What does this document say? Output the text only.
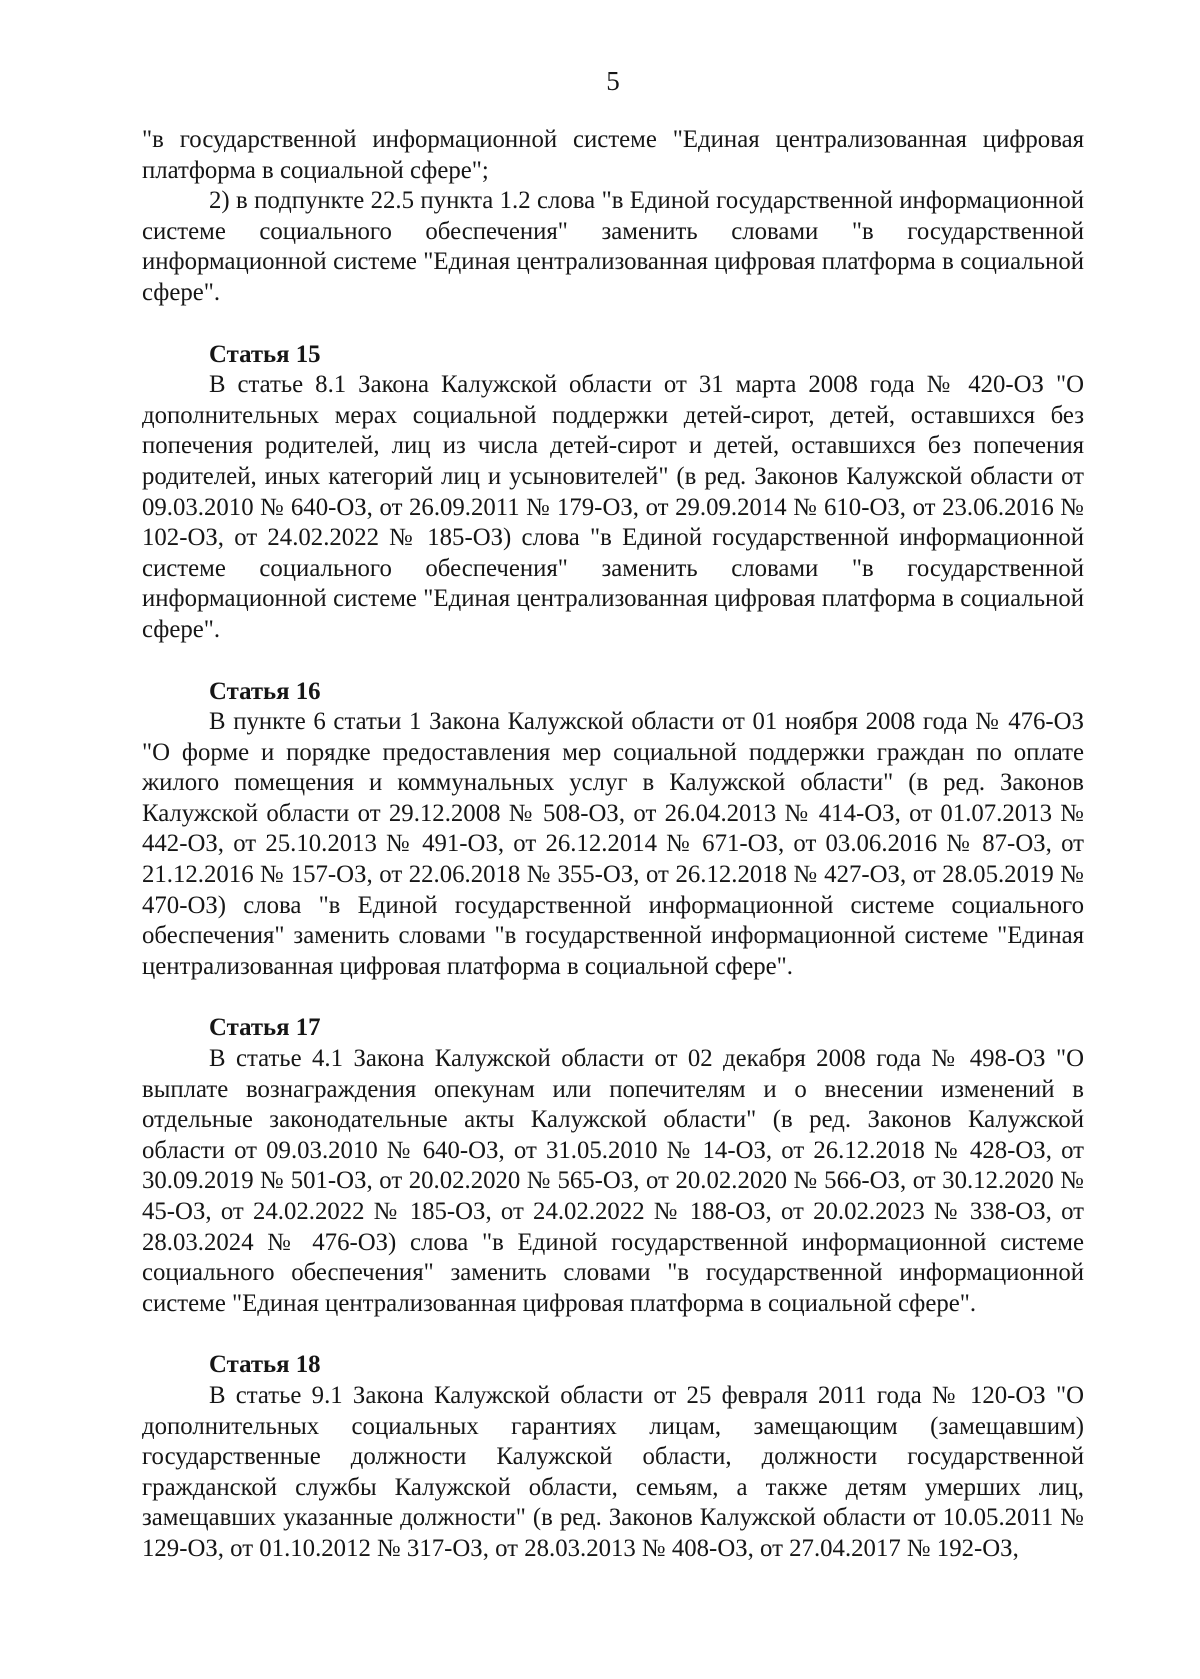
5

"в государственной информационной системе "Единая централизованная цифровая платформа в социальной сфере";

2) в подпункте 22.5 пункта 1.2 слова "в Единой государственной информационной системе социального обеспечения" заменить словами "в государственной информационной системе "Единая централизованная цифровая платформа в социальной сфере".

Статья 15

В статье 8.1 Закона Калужской области от 31 марта 2008 года № 420-ОЗ "О дополнительных мерах социальной поддержки детей-сирот, детей, оставшихся без попечения родителей, лиц из числа детей-сирот и детей, оставшихся без попечения родителей, иных категорий лиц и усыновителей" (в ред. Законов Калужской области от 09.03.2010 № 640-ОЗ, от 26.09.2011 № 179-ОЗ, от 29.09.2014 № 610-ОЗ, от 23.06.2016 № 102-ОЗ, от 24.02.2022 № 185-ОЗ) слова "в Единой государственной информационной системе социального обеспечения" заменить словами "в государственной информационной системе "Единая централизованная цифровая платформа в социальной сфере".

Статья 16

В пункте 6 статьи 1 Закона Калужской области от 01 ноября 2008 года № 476-ОЗ "О форме и порядке предоставления мер социальной поддержки граждан по оплате жилого помещения и коммунальных услуг в Калужской области" (в ред. Законов Калужской области от 29.12.2008 № 508-ОЗ, от 26.04.2013 № 414-ОЗ, от 01.07.2013 № 442-ОЗ, от 25.10.2013 № 491-ОЗ, от 26.12.2014 № 671-ОЗ, от 03.06.2016 № 87-ОЗ, от 21.12.2016 № 157-ОЗ, от 22.06.2018 № 355-ОЗ, от 26.12.2018 № 427-ОЗ, от 28.05.2019 № 470-ОЗ) слова "в Единой государственной информационной системе социального обеспечения" заменить словами "в государственной информационной системе "Единая централизованная цифровая платформа в социальной сфере".

Статья 17

В статье 4.1 Закона Калужской области от 02 декабря 2008 года № 498-ОЗ "О выплате вознаграждения опекунам или попечителям и о внесении изменений в отдельные законодательные акты Калужской области" (в ред. Законов Калужской области от 09.03.2010 № 640-ОЗ, от 31.05.2010 № 14-ОЗ, от 26.12.2018 № 428-ОЗ, от 30.09.2019 № 501-ОЗ, от 20.02.2020 № 565-ОЗ, от 20.02.2020 № 566-ОЗ, от 30.12.2020 № 45-ОЗ, от 24.02.2022 № 185-ОЗ, от 24.02.2022 № 188-ОЗ, от 20.02.2023 № 338-ОЗ, от 28.03.2024 № 476-ОЗ) слова "в Единой государственной информационной системе социального обеспечения" заменить словами "в государственной информационной системе "Единая централизованная цифровая платформа в социальной сфере".

Статья 18

В статье 9.1 Закона Калужской области от 25 февраля 2011 года № 120-ОЗ "О дополнительных социальных гарантиях лицам, замещающим (замещавшим) государственные должности Калужской области, должности государственной гражданской службы Калужской области, семьям, а также детям умерших лиц, замещавших указанные должности" (в ред. Законов Калужской области от 10.05.2011 № 129-ОЗ, от 01.10.2012 № 317-ОЗ, от 28.03.2013 № 408-ОЗ, от 27.04.2017 № 192-ОЗ,
